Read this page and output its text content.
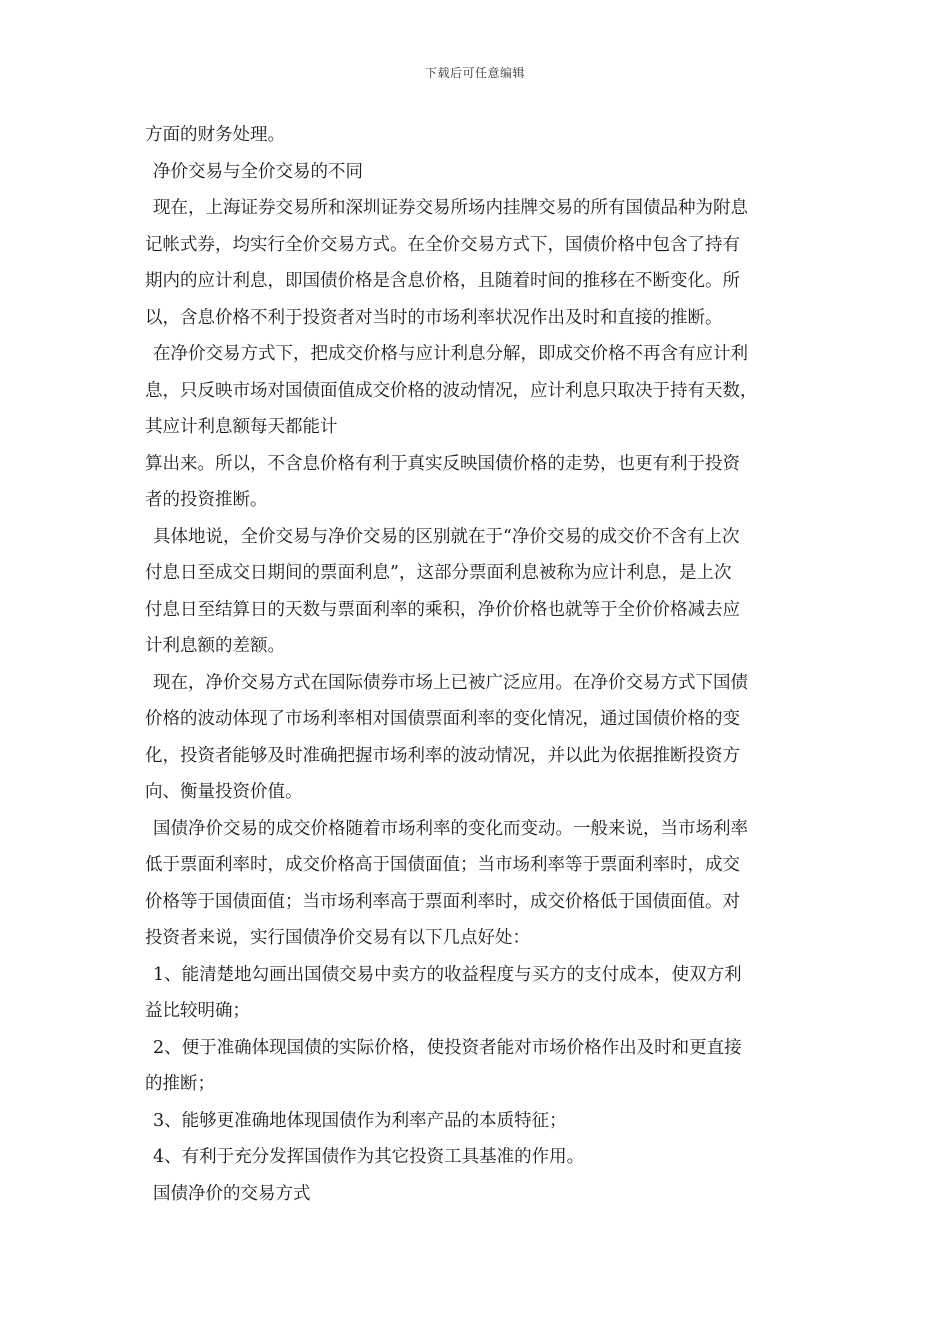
下载后可任意编辑
方面的财务处理。
净价交易与全价交易的不同
现在，上海证券交易所和深圳证券交易所场内挂牌交易的所有国债品种为附息
记帐式券，均实行全价交易方式。在全价交易方式下，国债价格中包含了持有
期内的应计利息，即国债价格是含息价格，且随着时间的推移在不断变化。所
以，含息价格不利于投资者对当时的市场利率状况作出及时和直接的推断。
在净价交易方式下，把成交价格与应计利息分解，即成交价格不再含有应计利
息，只反映市场对国债面值成交价格的波动情况，应计利息只取决于持有天数，
其应计利息额每天都能计
算出来。所以，不含息价格有利于真实反映国债价格的走势，也更有利于投资
者的投资推断。
具体地说，全价交易与净价交易的区别就在于“净价交易的成交价不含有上次
付息日至成交日期间的票面利息”，这部分票面利息被称为应计利息，是上次
付息日至结算日的天数与票面利率的乘积，净价价格也就等于全价价格减去应
计利息额的差额。
现在，净价交易方式在国际债券市场上已被广泛应用。在净价交易方式下国债
价格的波动体现了市场利率相对国债票面利率的变化情况，通过国债价格的变
化，投资者能够及时准确把握市场利率的波动情况，并以此为依据推断投资方
向、衡量投资价值。
国债净价交易的成交价格随着市场利率的变化而变动。一般来说，当市场利率
低于票面利率时，成交价格高于国债面值；当市场利率等于票面利率时，成交
价格等于国债面值；当市场利率高于票面利率时，成交价格低于国债面值。对
投资者来说，实行国债净价交易有以下几点好处：
1、能清楚地勾画出国债交易中卖方的收益程度与买方的支付成本，使双方利
益比较明确；
2、便于准确体现国债的实际价格，使投资者能对市场价格作出及时和更直接
的推断；
3、能够更准确地体现国债作为利率产品的本质特征；
4、有利于充分发挥国债作为其它投资工具基准的作用。
国债净价的交易方式
